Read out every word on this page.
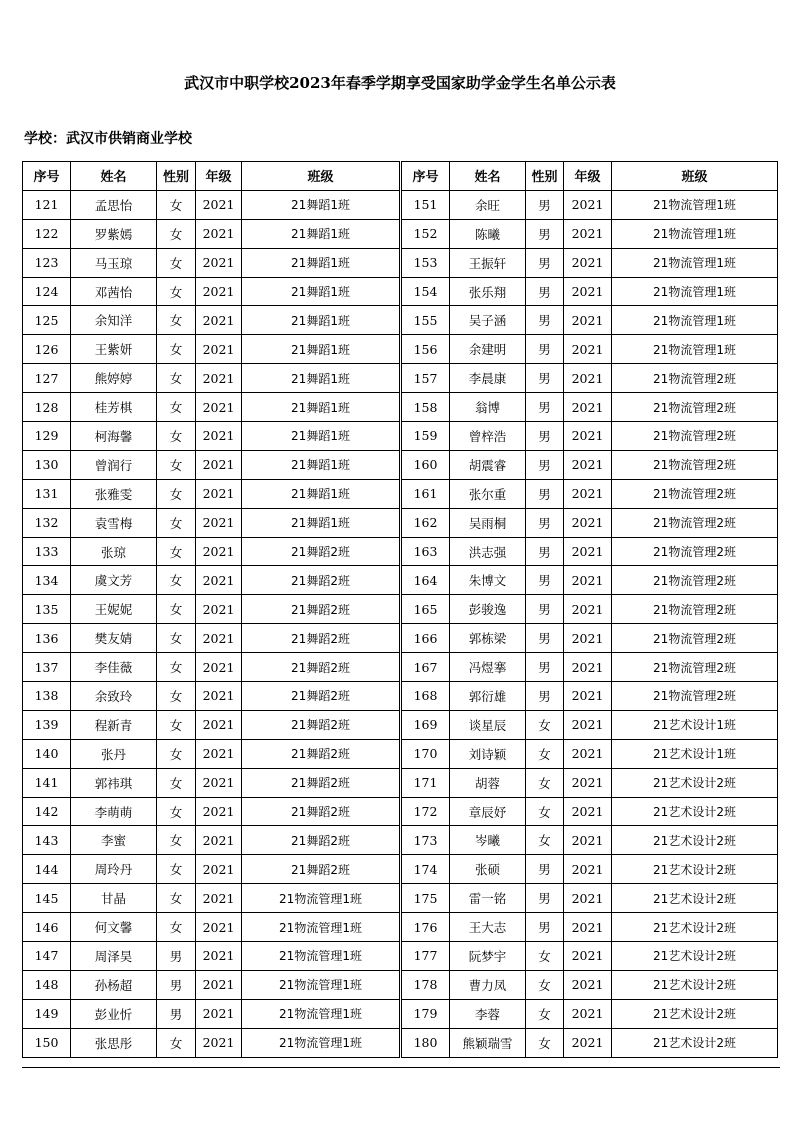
武汉市中职学校2023年春季学期享受国家助学金学生名单公示表
学校：武汉市供销商业学校
序号	姓名	性别	年级	班级
121	孟思怡	女	2021	21舞蹈1班
122	罗紫嫣	女	2021	21舞蹈1班
123	马玉琼	女	2021	21舞蹈1班
124	邓茜怡	女	2021	21舞蹈1班
125	余知洋	女	2021	21舞蹈1班
126	王紫妍	女	2021	21舞蹈1班
127	熊婷婷	女	2021	21舞蹈1班
128	桂芳棋	女	2021	21舞蹈1班
129	柯海馨	女	2021	21舞蹈1班
130	曾润行	女	2021	21舞蹈1班
131	张雅雯	女	2021	21舞蹈1班
132	袁雪梅	女	2021	21舞蹈1班
133	张琼	女	2021	21舞蹈2班
134	虞文芳	女	2021	21舞蹈2班
135	王妮妮	女	2021	21舞蹈2班
136	樊友婧	女	2021	21舞蹈2班
137	李佳薇	女	2021	21舞蹈2班
138	余致玲	女	2021	21舞蹈2班
139	程新青	女	2021	21舞蹈2班
140	张丹	女	2021	21舞蹈2班
141	郭祎琪	女	2021	21舞蹈2班
142	李萌萌	女	2021	21舞蹈2班
143	李蜜	女	2021	21舞蹈2班
144	周玲丹	女	2021	21舞蹈2班
145	甘晶	女	2021	21物流管理1班
146	何文馨	女	2021	21物流管理1班
147	周泽昊	男	2021	21物流管理1班
148	孙杨超	男	2021	21物流管理1班
149	彭业忻	男	2021	21物流管理1班
150	张思彤	女	2021	21物流管理1班
序号	姓名	性别	年级	班级
151	余旺	男	2021	21物流管理1班
152	陈曦	男	2021	21物流管理1班
153	王振轩	男	2021	21物流管理1班
154	张乐翔	男	2021	21物流管理1班
155	吴子涵	男	2021	21物流管理1班
156	余建明	男	2021	21物流管理1班
157	李晨康	男	2021	21物流管理2班
158	翁博	男	2021	21物流管理2班
159	曾梓浩	男	2021	21物流管理2班
160	胡震睿	男	2021	21物流管理2班
161	张尔重	男	2021	21物流管理2班
162	吴雨桐	男	2021	21物流管理2班
163	洪志强	男	2021	21物流管理2班
164	朱博文	男	2021	21物流管理2班
165	彭骏逸	男	2021	21物流管理2班
166	郭栋梁	男	2021	21物流管理2班
167	冯煜搴	男	2021	21物流管理2班
168	郭衍雄	男	2021	21物流管理2班
169	谈星辰	女	2021	21艺术设计1班
170	刘诗颖	女	2021	21艺术设计1班
171	胡蓉	女	2021	21艺术设计2班
172	章辰妤	女	2021	21艺术设计2班
173	岑曦	女	2021	21艺术设计2班
174	张硕	男	2021	21艺术设计2班
175	雷一铭	男	2021	21艺术设计2班
176	王大志	男	2021	21艺术设计2班
177	阮梦宇	女	2021	21艺术设计2班
178	曹力凤	女	2021	21艺术设计2班
179	李蓉	女	2021	21艺术设计2班
180	熊颖瑞雪	女	2021	21艺术设计2班
